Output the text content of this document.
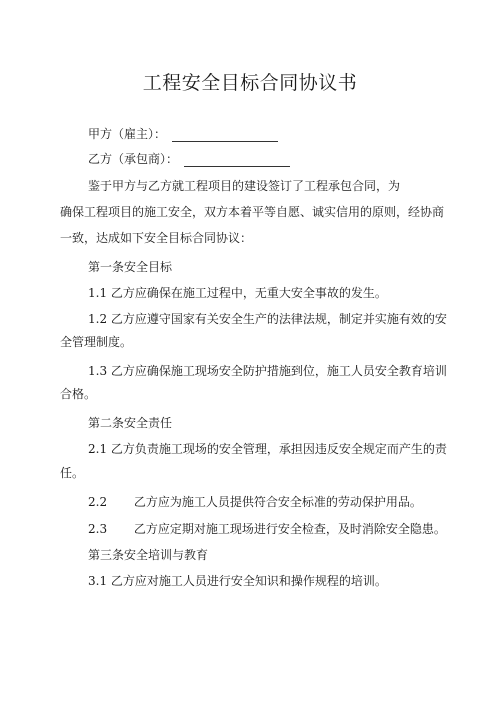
工程安全目标合同协议书
甲方（雇主）：
乙方（承包商）：
鉴于甲方与乙方就工程项目的建设签订了工程承包合同，为
确保工程项目的施工安全，双方本着平等自愿、诚实信用的原则，经协商
一致，达成如下安全目标合同协议：
第一条安全目标
1.1 乙方应确保在施工过程中，无重大安全事故的发生。
1.2 乙方应遵守国家有关安全生产的法律法规，制定并实施有效的安
全管理制度。
1.3 乙方应确保施工现场安全防护措施到位，施工人员安全教育培训
合格。
第二条安全责任
2.1 乙方负责施工现场的安全管理，承担因违反安全规定而产生的责
任。
2.2 乙方应为施工人员提供符合安全标准的劳动保护用品。
2.3 乙方应定期对施工现场进行安全检查，及时消除安全隐患。
第三条安全培训与教育
3.1 乙方应对施工人员进行安全知识和操作规程的培训。
